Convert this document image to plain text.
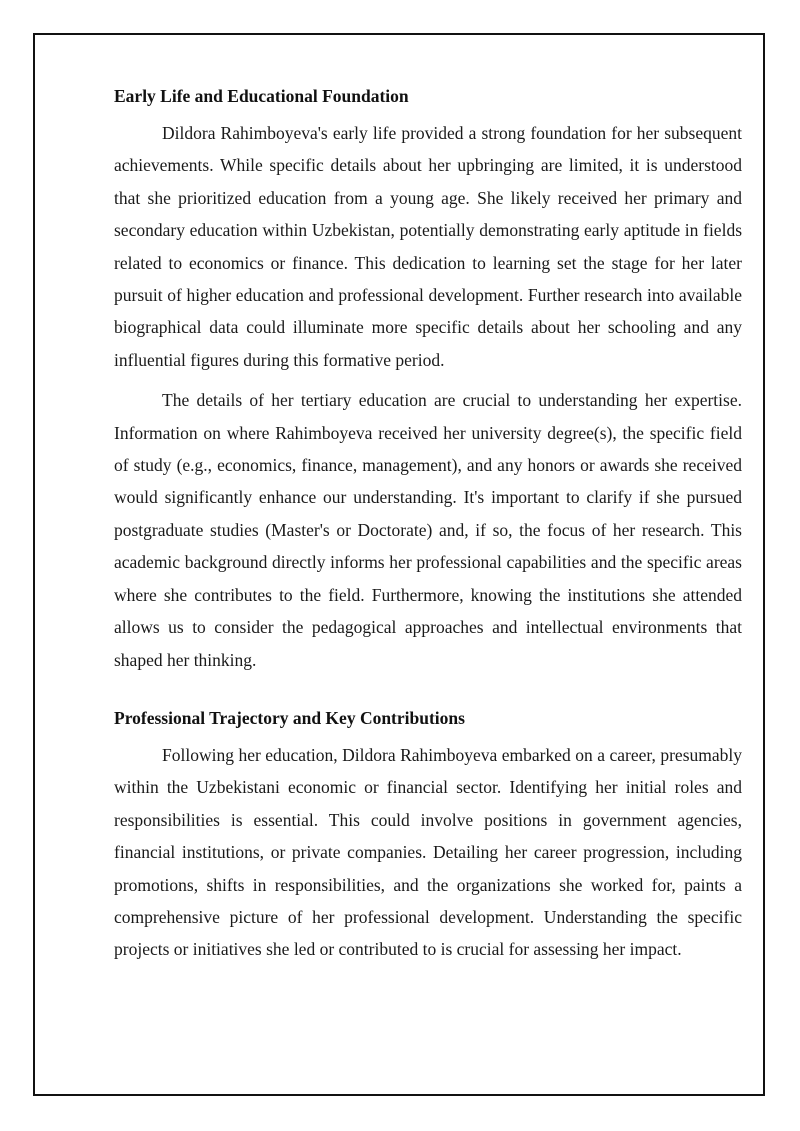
Early Life and Educational Foundation

Dildora Rahimboyeva's early life provided a strong foundation for her subsequent achievements. While specific details about her upbringing are limited, it is understood that she prioritized education from a young age. She likely received her primary and secondary education within Uzbekistan, potentially demonstrating early aptitude in fields related to economics or finance. This dedication to learning set the stage for her later pursuit of higher education and professional development. Further research into available biographical data could illuminate more specific details about her schooling and any influential figures during this formative period.

The details of her tertiary education are crucial to understanding her expertise. Information on where Rahimboyeva received her university degree(s), the specific field of study (e.g., economics, finance, management), and any honors or awards she received would significantly enhance our understanding. It's important to clarify if she pursued postgraduate studies (Master's or Doctorate) and, if so, the focus of her research. This academic background directly informs her professional capabilities and the specific areas where she contributes to the field. Furthermore, knowing the institutions she attended allows us to consider the pedagogical approaches and intellectual environments that shaped her thinking.

Professional Trajectory and Key Contributions

Following her education, Dildora Rahimboyeva embarked on a career, presumably within the Uzbekistani economic or financial sector. Identifying her initial roles and responsibilities is essential. This could involve positions in government agencies, financial institutions, or private companies. Detailing her career progression, including promotions, shifts in responsibilities, and the organizations she worked for, paints a comprehensive picture of her professional development. Understanding the specific projects or initiatives she led or contributed to is crucial for assessing her impact.
